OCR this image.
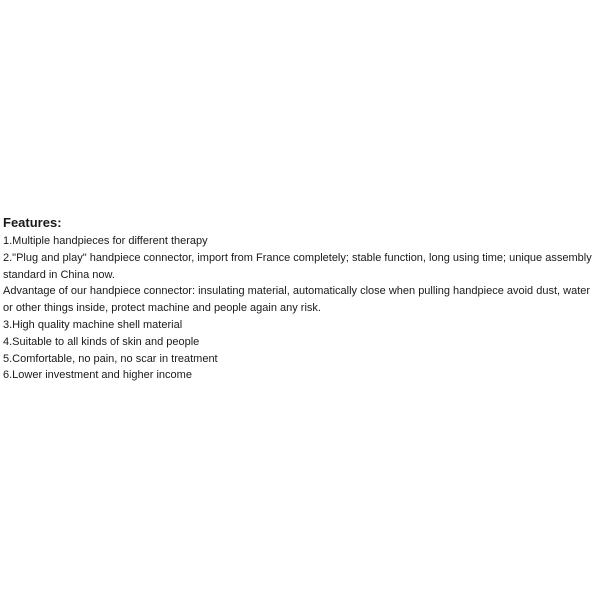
Features:
1.Multiple handpieces for different therapy
2."Plug and play" handpiece connector, import from France completely; stable function, long using time; unique assembly standard in China now.
Advantage of our handpiece connector: insulating material, automatically close when pulling handpiece avoid dust, water or other things inside, protect machine and people again any risk.
3.High quality machine shell material
4.Suitable to all kinds of skin and people
5.Comfortable, no pain, no scar in treatment
6.Lower investment and higher income
